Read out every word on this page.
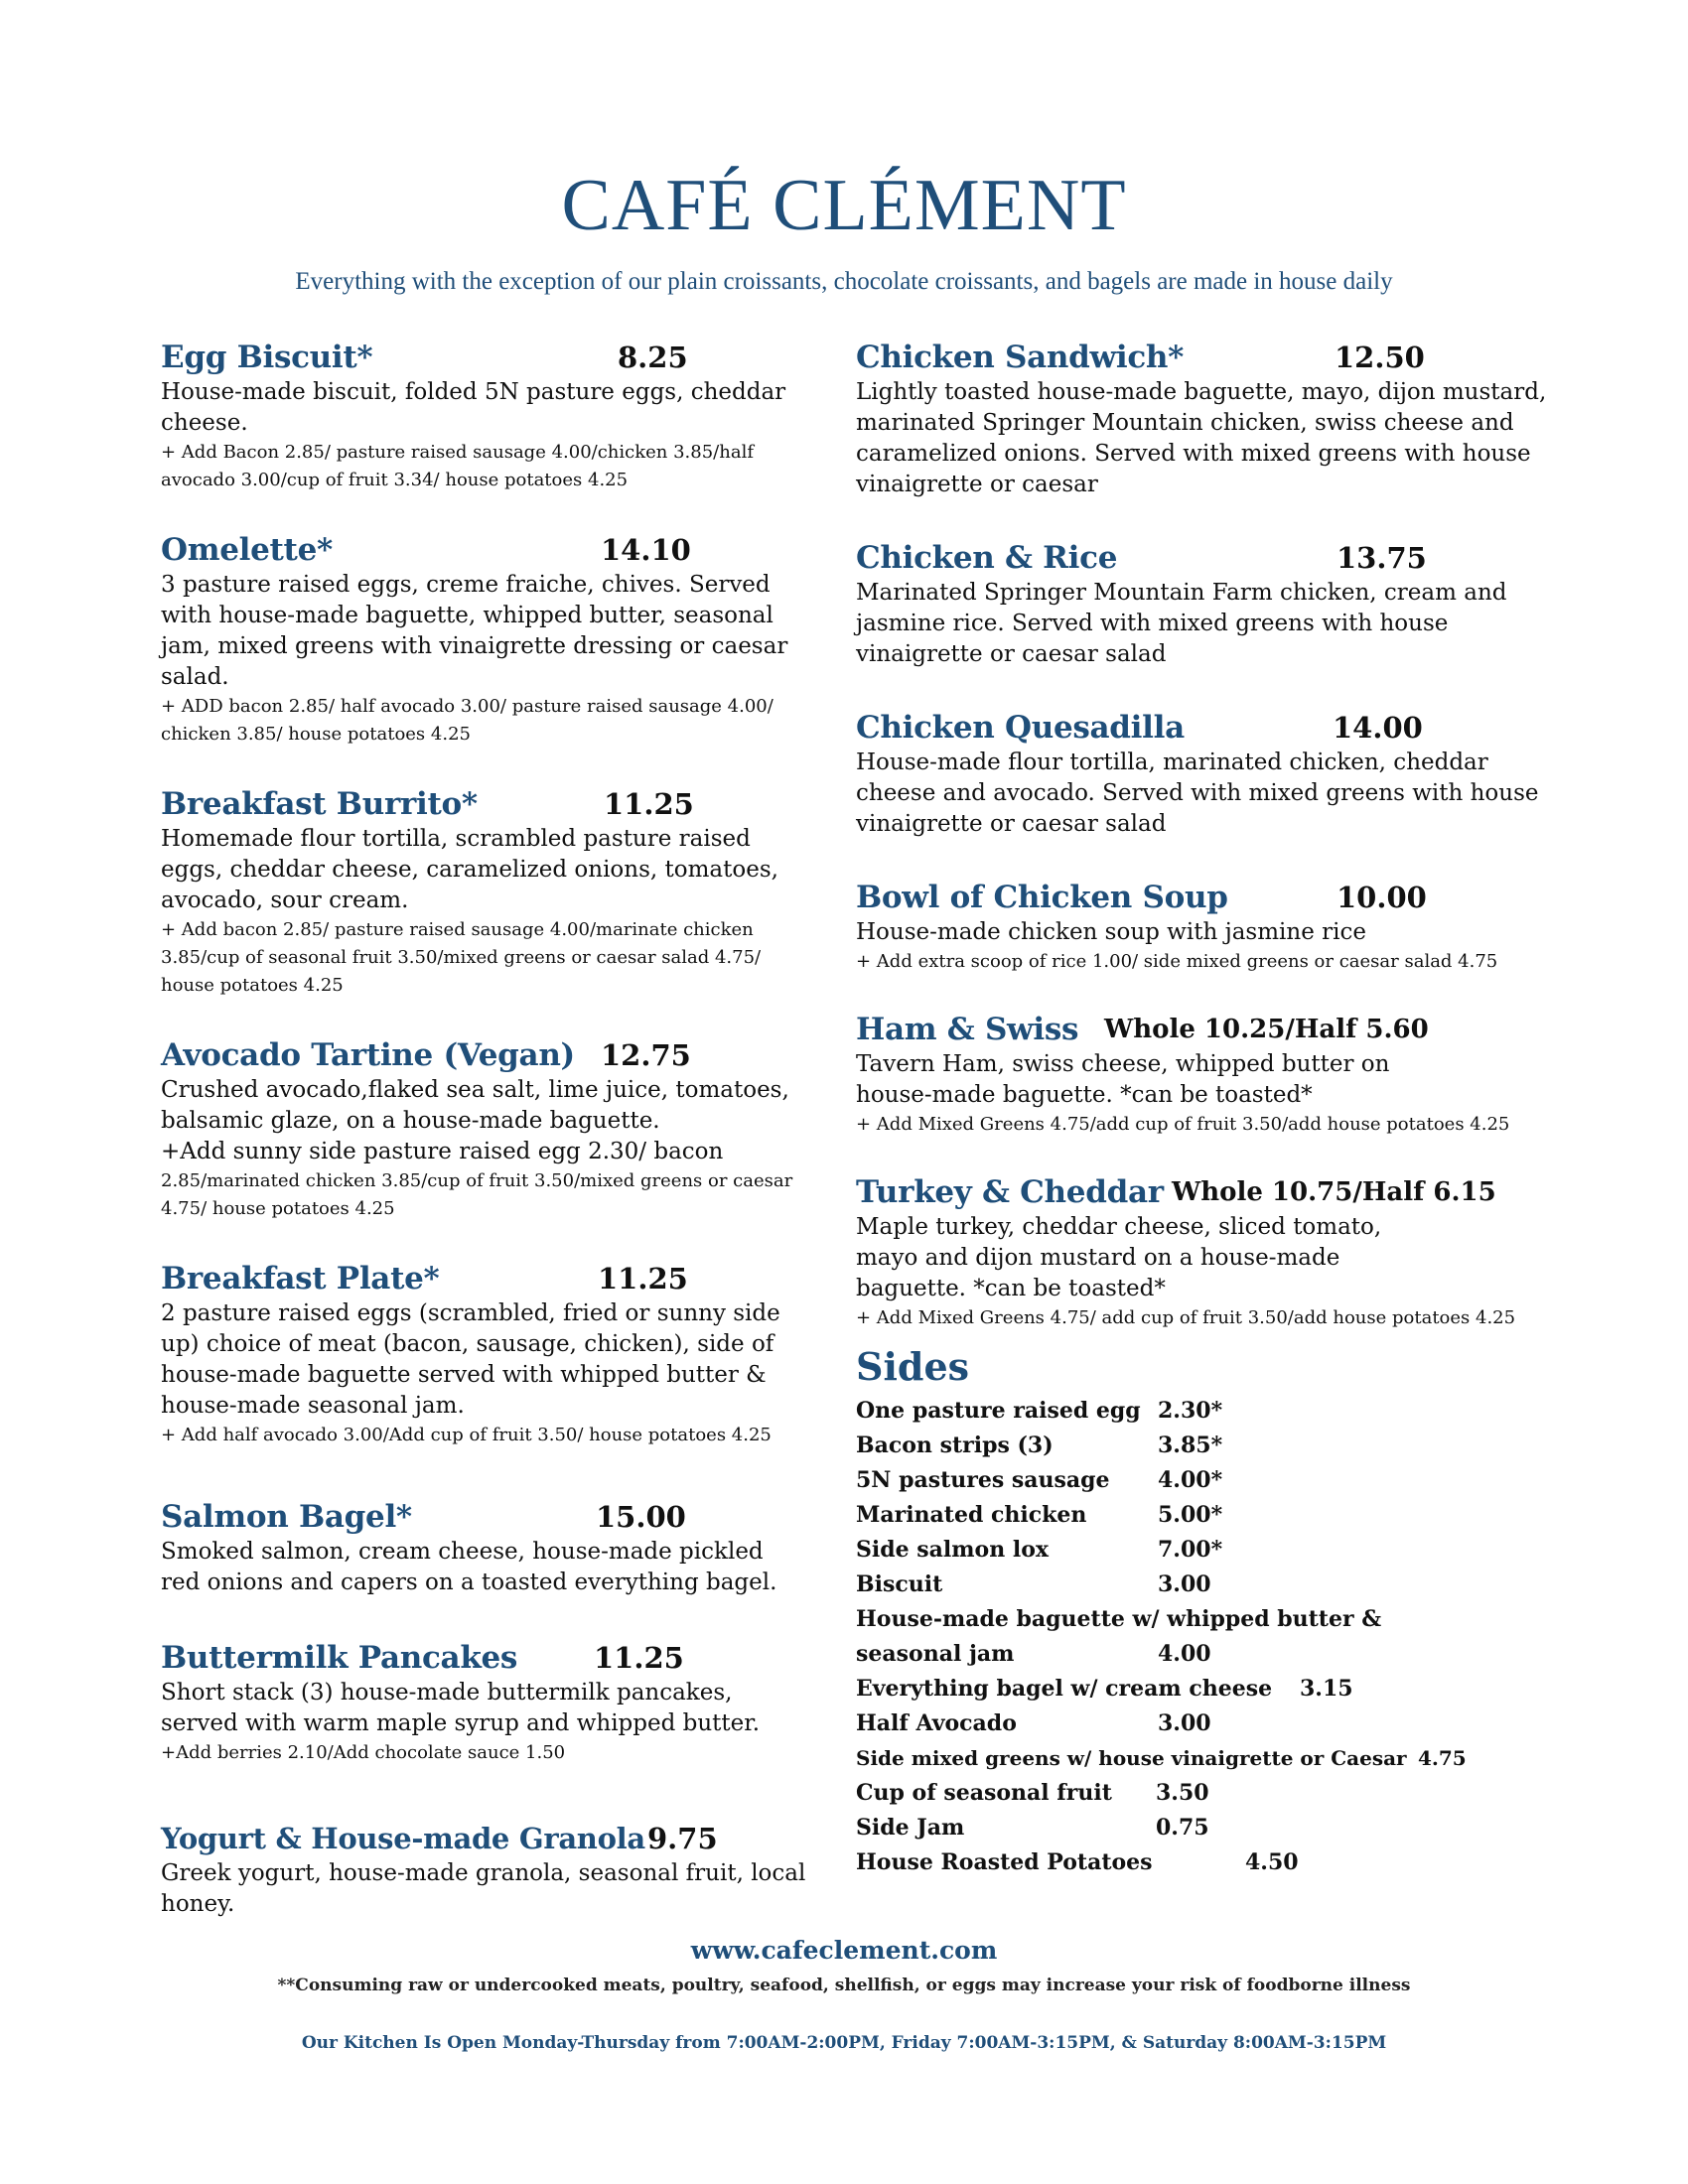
CAFÉ CLÉMENT
Everything with the exception of our plain croissants, chocolate croissants, and bagels are made in house daily
Egg Biscuit*	8.25

House-made biscuit, folded 5N pasture eggs, cheddar cheese.

+ Add Bacon 2.85/ pasture raised sausage 4.00/chicken 3.85/half avocado 3.00/cup of fruit 3.34/ house potatoes 4.25

Omelette*	14.10

3 pasture raised eggs, creme fraiche, chives. Served with house-made baguette, whipped butter, seasonal jam, mixed greens with vinaigrette dressing or caesar salad.

+ ADD bacon 2.85/ half avocado 3.00/ pasture raised sausage 4.00/ chicken 3.85/ house potatoes 4.25

Breakfast Burrito*	11.25

Homemade flour tortilla, scrambled pasture raised eggs, cheddar cheese, caramelized onions, tomatoes, avocado, sour cream.

+ Add bacon 2.85/ pasture raised sausage 4.00/marinate chicken 3.85/cup of seasonal fruit 3.50/mixed greens or caesar salad 4.75/ house potatoes 4.25

Avocado Tartine (Vegan) 12.75

Crushed avocado,flaked sea salt, lime juice, tomatoes, balsamic glaze, on a house-made baguette.

+Add sunny side pasture raised egg 2.30/ bacon

2.85/marinated chicken 3.85/cup of fruit 3.50/mixed greens or caesar 4.75/ house potatoes 4.25

Breakfast Plate*	11.25

2 pasture raised eggs (scrambled, fried or sunny side up) choice of meat (bacon, sausage, chicken), side of house-made baguette served with whipped butter & house-made seasonal jam.

+ Add half avocado 3.00/Add cup of fruit 3.50/ house potatoes 4.25

Salmon Bagel*	15.00

Smoked salmon, cream cheese, house-made pickled red onions and capers on a toasted everything bagel.

Buttermilk Pancakes	11.25

Short stack (3) house-made buttermilk pancakes, served with warm maple syrup and whipped butter.

+Add berries 2.10/Add chocolate sauce 1.50

Yogurt & House-made Granola 9.75

Greek yogurt, house-made granola, seasonal fruit, local honey.

Chicken Sandwich*	12.50

Lightly toasted house-made baguette, mayo, dijon mustard, marinated Springer Mountain chicken, swiss cheese and caramelized onions. Served with mixed greens with house vinaigrette or caesar

Chicken & Rice	13.75

Marinated Springer Mountain Farm chicken, cream and jasmine rice. Served with mixed greens with house vinaigrette or caesar salad

Chicken Quesadilla	14.00

House-made flour tortilla, marinated chicken, cheddar cheese and avocado. Served with mixed greens with house vinaigrette or caesar salad

Bowl of Chicken Soup	10.00

House-made chicken soup with jasmine rice

+ Add extra scoop of rice 1.00/ side mixed greens or caesar salad 4.75

Ham & Swiss Whole 10.25/Half 5.60

Tavern Ham, swiss cheese, whipped butter on house-made baguette. *can be toasted*

+ Add Mixed Greens 4.75/add cup of fruit 3.50/add house potatoes 4.25

Turkey & Cheddar Whole 10.75/Half 6.15

Maple turkey, cheddar cheese, sliced tomato, mayo and dijon mustard on a house-made baguette. *can be toasted*

+ Add Mixed Greens 4.75/ add cup of fruit 3.50/add house potatoes 4.25

Sides
One pasture raised egg 2.30*
Bacon strips (3)	3.85*
5N pastures sausage 4.00*
Marinated chicken	5.00*
Side salmon lox	7.00*
Biscuit	3.00
House-made baguette w/ whipped butter &
seasonal jam	4.00
Everything bagel w/ cream cheese 3.15
Half Avocado	3.00
Side mixed greens w/ house vinaigrette or Caesar 4.75
Cup of seasonal fruit 3.50
Side Jam	0.75
House Roasted Potatoes	4.50
www.cafeclement.com
**Consuming raw or undercooked meats, poultry, seafood, shellfish, or eggs may increase your risk of foodborne illness
Our Kitchen Is Open Monday-Thursday from 7:00AM-2:00PM, Friday 7:00AM-3:15PM, & Saturday 8:00AM-3:15PM
